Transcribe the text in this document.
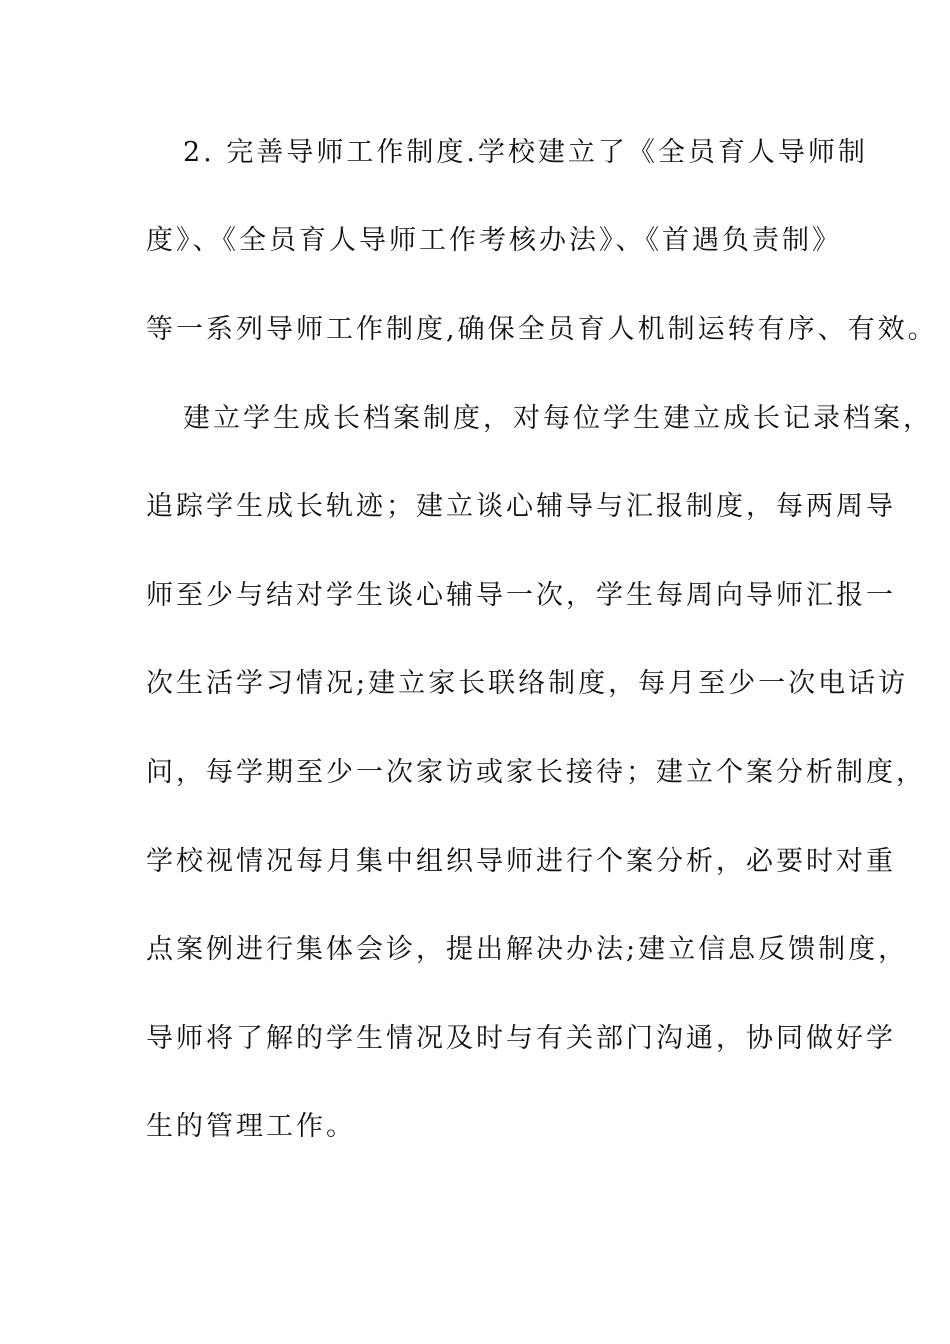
2. 完善导师工作制度.学校建立了《全员育人导师制

度》、《全员育人导师工作考核办法》、《首遇负责制》

等一系列导师工作制度,确保全员育人机制运转有序、有效。

建立学生成长档案制度，对每位学生建立成长记录档案，

追踪学生成长轨迹；建立谈心辅导与汇报制度，每两周导

师至少与结对学生谈心辅导一次，学生每周向导师汇报一

次生活学习情况;建立家长联络制度，每月至少一次电话访

问，每学期至少一次家访或家长接待；建立个案分析制度，

学校视情况每月集中组织导师进行个案分析，必要时对重

点案例进行集体会诊，提出解决办法;建立信息反馈制度，

导师将了解的学生情况及时与有关部门沟通，协同做好学

生的管理工作。
